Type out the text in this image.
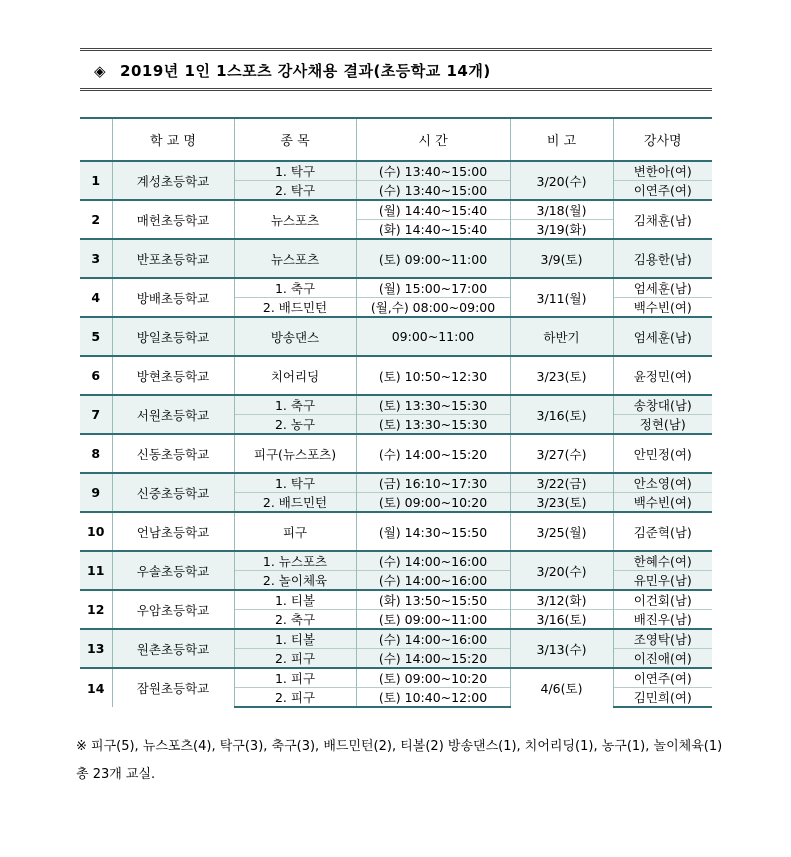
◈ 2019년 1인 1스포츠 강사채용 결과(초등학교 14개)
	학 교 명	종 목	시 간	비 고	강사명
1	계성초등학교	1. 탁구	(수) 13:40~15:00	3/20(수)	변한아(여)
		2. 탁구	(수) 13:40~15:00		이연주(여)
2	매헌초등학교	뉴스포츠	(월) 14:40~15:40	3/18(월)	김채훈(남)
			(화) 14:40~15:40	3/19(화)	
3	반포초등학교	뉴스포츠	(토) 09:00~11:00	3/9(토)	김용한(남)
4	방배초등학교	1. 축구	(월) 15:00~17:00	3/11(월)	엄세훈(남)
		2. 배드민턴	(월,수) 08:00~09:00		백수빈(여)
5	방일초등학교	방송댄스	09:00~11:00	하반기	엄세훈(남)
6	방현초등학교	치어리딩	(토) 10:50~12:30	3/23(토)	윤정민(여)
7	서원초등학교	1. 축구	(토) 13:30~15:30	3/16(토)	송창대(남)
		2. 농구	(토) 13:30~15:30		정현(남)
8	신동초등학교	피구(뉴스포츠)	(수) 14:00~15:20	3/27(수)	안민정(여)
9	신중초등학교	1. 탁구	(금) 16:10~17:30	3/22(금)	안소영(여)
		2. 배드민턴	(토) 09:00~10:20	3/23(토)	백수빈(여)
10	언남초등학교	피구	(월) 14:30~15:50	3/25(월)	김준혁(남)
11	우솔초등학교	1. 뉴스포츠	(수) 14:00~16:00	3/20(수)	한혜수(여)
		2. 놀이체육	(수) 14:00~16:00		유민우(남)
12	우암초등학교	1. 티볼	(화) 13:50~15:50	3/12(화)	이건회(남)
		2. 축구	(토) 09:00~11:00	3/16(토)	배진우(남)
13	원촌초등학교	1. 티볼	(수) 14:00~16:00	3/13(수)	조영탁(남)
		2. 피구	(수) 14:00~15:20		이진애(여)
14	잠원초등학교	1. 피구	(토) 09:00~10:20	4/6(토)	이연주(여)
		2. 피구	(토) 10:40~12:00		김민희(여)
※ 피구(5), 뉴스포츠(4), 탁구(3), 축구(3), 배드민턴(2), 티볼(2) 방송댄스(1), 치어리딩(1), 농구(1), 놀이체육(1) 총 23개 교실.
